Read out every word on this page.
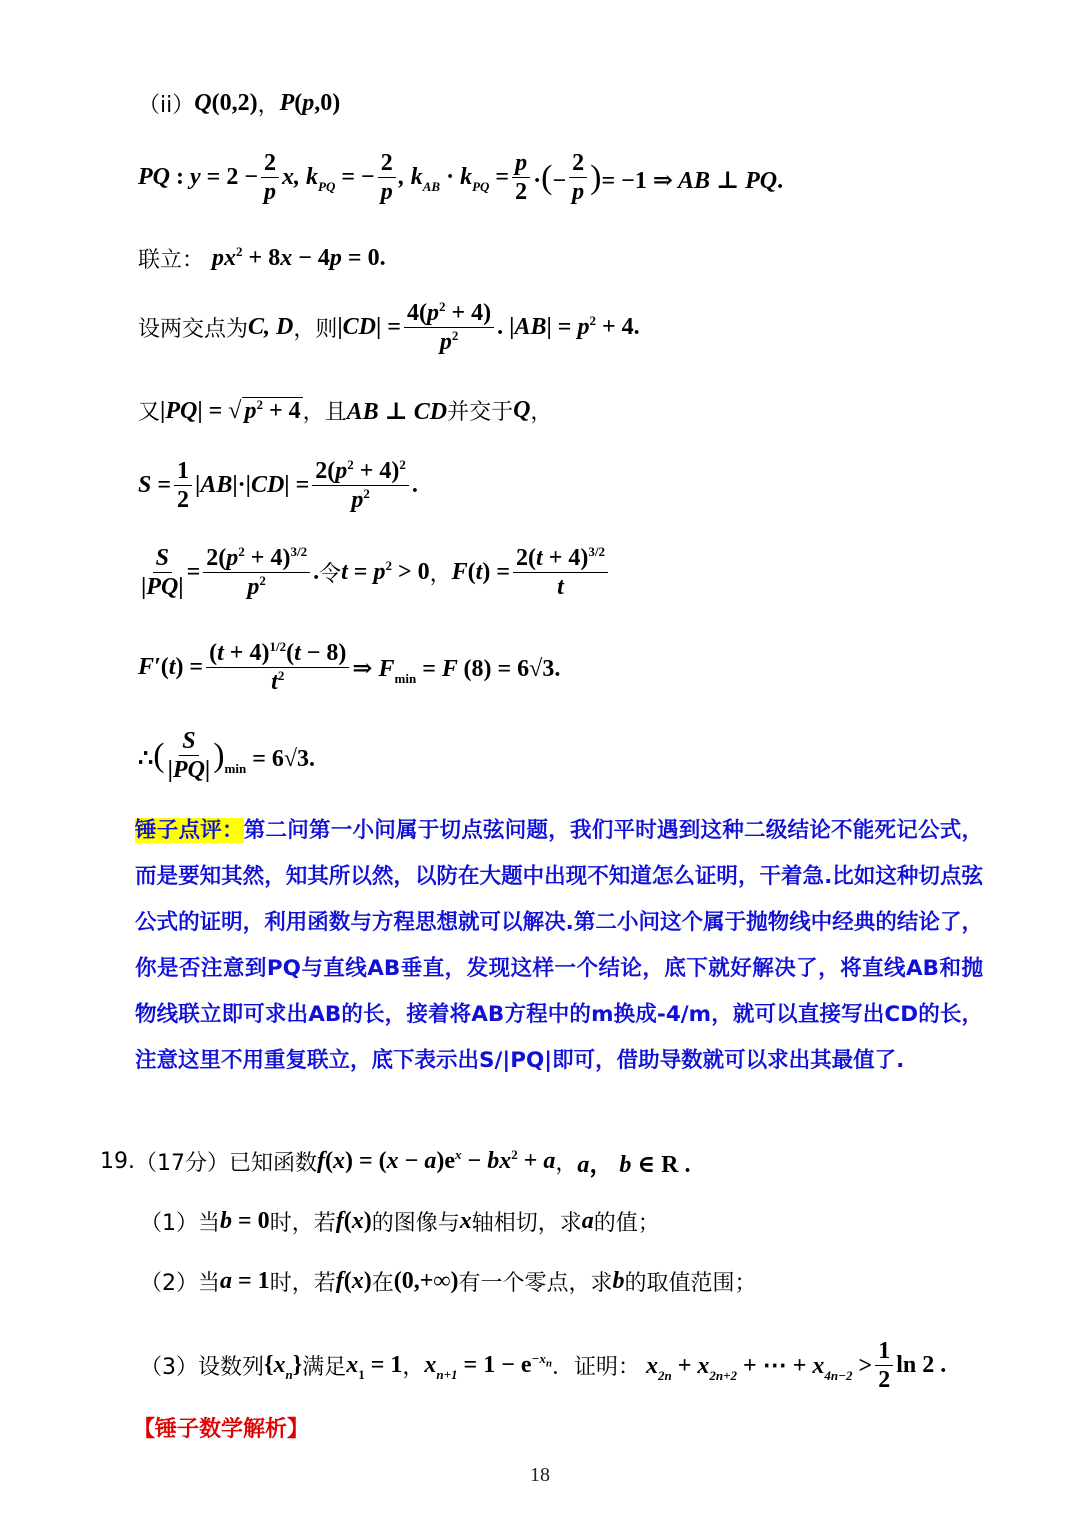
（ii） Q(0,2) ， P(p,0)
PQ : $y = 2 - \frac{2}{p} x$, $k_{PQ}$ = − $\frac{2}{p}$ , $k_{AB} \cdot k_{PQ} = \frac{p}{2}$ ·(− $\frac{2}{p}$ )= −1 ⇒ AB ⊥ PQ.
联立： $px^2 + 8x - 4p = 0$.
设两交点为 C, D ，则 $|CD| = \frac{4(p^2 + 4)}{p^2}$ . $|AB| = p^2 + 4$.
又 |PQ| = √ $p^2 + 4$ ，且 AB ⊥ CD 并交于 Q ，
$S = \frac{1}{2} |AB|\cdot|CD| = \frac{2(p^2 + 4)^2}{p^2}$ .
$\frac{S}{|PQ|} = \frac{2(p^2 + 4)^{3/2}}{p^2}$ . 令 $t = p^2 > 0$ ， $F(t) = \frac{2(t + 4)^{3/2}}{t}$
$F'(t) = \frac{(t + 4)^{1/2}(t - 8)}{t^2}$ ⇒ $F_{min} = F$ (8) = 6√3.
∴( $\frac{S}{|PQ|} )_{min} = 6√3$.
锤子点评：第二问第一小问属于切点弦问题，我们平时遇到这种二级结论不能死记公式，而是要知其然，知其所以然，以防在大题中出现不知道怎么证明，干着急.比如这种切点弦公式的证明，利用函数与方程思想就可以解决.第二小问这个属于抛物线中经典的结论了，你是否注意到PQ与直线AB垂直，发现这样一个结论，底下就好解决了，将直线AB和抛物线联立即可求出AB的长，接着将AB方程中的m换成-4/m，就可以直接写出CD的长，注意这里不用重复联立，底下表示出S/|PQ|即可，借助导数就可以求出其最值了.
19. （17分）已知函数 $f(x) = (x - a)e^x - bx^2 + a$ ， a， b ∈ R .
（1）当 b = 0 时，若 f(x) 的图像与 x 轴相切，求 a 的值；
（2）当 a = 1 时，若 f(x) 在 (0,+∞) 有一个零点，求 b 的取值范围；
（3）设数列 $\{x_n\}$ 满足 $x_1 = 1$ ， $x_{n+1} = 1 - e^{-x_n}$ ．证明： $x_{2n} + x_{2n+2}$ + ⋯ + $x_{4n-2} > \frac{1}{2}$ ln 2 .
【锤子数学解析】
18
